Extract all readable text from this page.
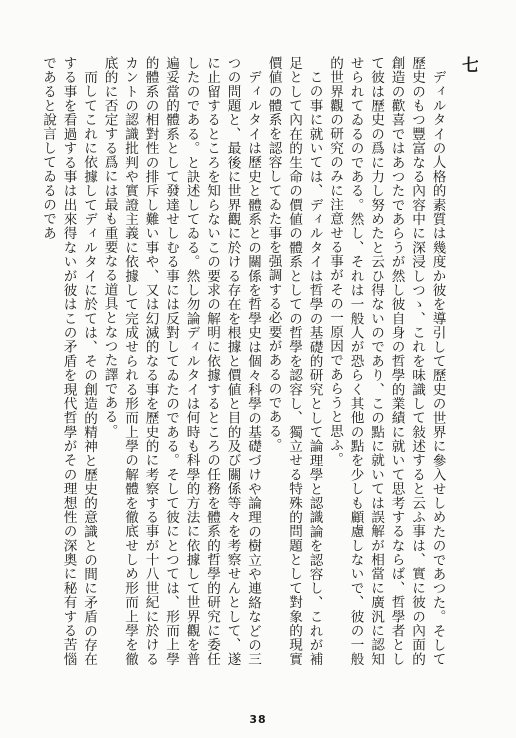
七

ディルタイの人格的素質は幾度か彼を導引して歷史の世界に參入せしめたのであつた。そして歷史のもつ豐富なる內容中に深浸しつゝ、これを味識して敍述すると云ふ事は、實に彼の內面的創造の歡喜ではあつたであらうが然し彼自身の哲學的業績に就いて思考するならば、哲學者として彼は歷史の爲に力し努めたと云ひ得ないのであり、この點に就いては誤解が相當に廣汎に認知せられてゐるのである。然し、それは一般人が恐らく其他の點を少しも顧慮しないで、彼の一般的世界觀の研究のみに注意せる事がその一原因であらうと思ふ。

この事に就いては、ディルタイは哲學の基礎的研究として論理學と認識論を認容し、これが補足として內在的生命の價値の體系としての哲學を認容し、獨立せる特殊的問題として對象的現實價値の體系を認容してゐた事を强調する必要があるのである。

ディルタイは歷史と體系との關係を哲學史は個々科學の基礎づけや論理の樹立や連絡などの三つの問題と、最後に世界觀に於ける存在を根據と價値と目的及び關係等々を考察せんとして、遂に止留するところを知らないこの要求の解明に依據するところの任務を體系的哲學的研究に委任したのである。と訣述してゐる。然し勿論ディルタイは何時も科學的方法に依據して世界觀を普遍妥當的體系として發達せしむる事には反對してゐたのである。そして彼にとつては、形而上學的體系の相對性の排斥し難い事や、又は幻滅的なる事を歷史的に考察する事が十八世紀に於けるカントの認識批判や實證主義に依據して完成せられる形而上學の解體を徹底せしめ形而上學を徹底的に否定する爲には最も重要なる道具となつた譯である。

而してこれに依據してディルタイに於ては、その創造的精神と歷史的意識との間に矛盾の存在する事を看過する事は出來得ないが彼はこの矛盾を現代哲學がその理想性の深奧に秘有する苦惱であると說言してゐるのであ

38
